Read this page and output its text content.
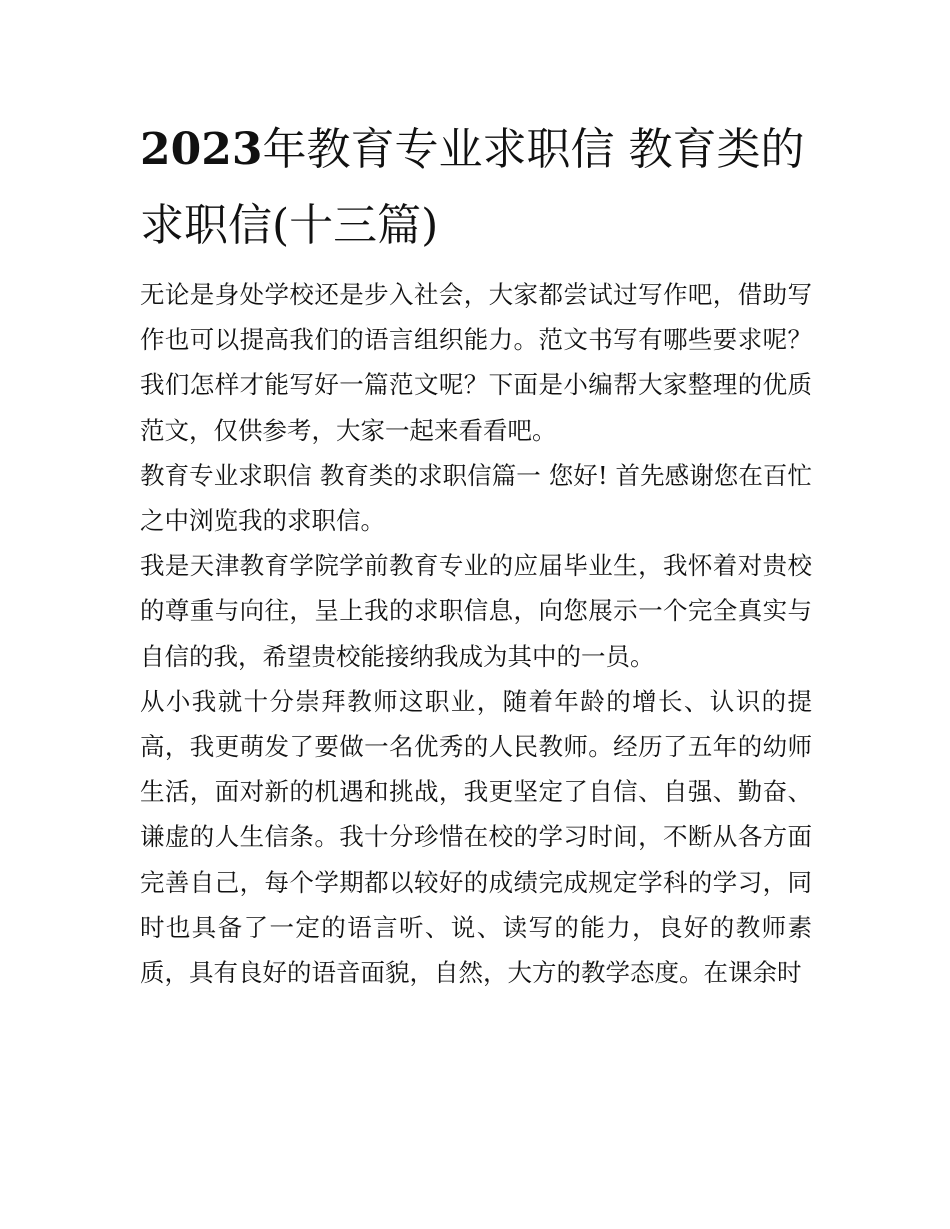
2023年教育专业求职信 教育类的求职信(十三篇)

无论是身处学校还是步入社会，大家都尝试过写作吧，借助写作也可以提高我们的语言组织能力。范文书写有哪些要求呢？我们怎样才能写好一篇范文呢？下面是小编帮大家整理的优质范文，仅供参考，大家一起来看看吧。

教育专业求职信 教育类的求职信篇一 您好! 首先感谢您在百忙之中浏览我的求职信。

我是天津教育学院学前教育专业的应届毕业生，我怀着对贵校的尊重与向往，呈上我的求职信息，向您展示一个完全真实与自信的我，希望贵校能接纳我成为其中的一员。

从小我就十分崇拜教师这职业，随着年龄的增长、认识的提高，我更萌发了要做一名优秀的人民教师。经历了五年的幼师生活，面对新的机遇和挑战，我更坚定了自信、自强、勤奋、谦虚的人生信条。我十分珍惜在校的学习时间，不断从各方面完善自己，每个学期都以较好的成绩完成规定学科的学习，同时也具备了一定的语言听、说、读写的能力，良好的教师素质，具有良好的语音面貌，自然，大方的教学态度。在课余时
